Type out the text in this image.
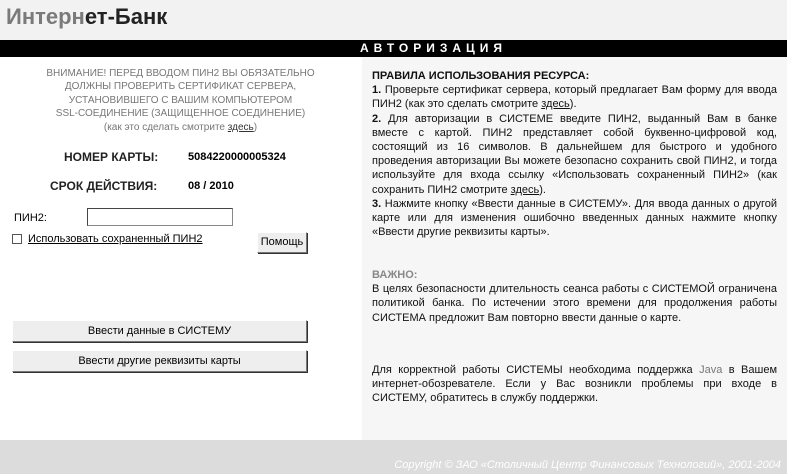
Интернет-Банк
АВТОРИЗАЦИЯ
ВНИМАНИЕ! ПЕРЕД ВВОДОМ ПИН2 ВЫ ОБЯЗАТЕЛЬНО
ДОЛЖНЫ ПРОВЕРИТЬ СЕРТИФИКАТ СЕРВЕРА,
УСТАНОВИВШЕГО С ВАШИМ КОМПЬЮТЕРОМ
SSL-СОЕДИНЕНИЕ (ЗАЩИЩЕННОЕ СОЕДИНЕНИЕ)
(как это сделать смотрите здесь)
НОМЕР КАРТЫ:	5084220000005324
СРОК ДЕЙСТВИЯ:	08 / 2010
ПИН2:
Использовать сохраненный ПИН2	Помощь
Ввести данные в СИСТЕМУ
Ввести другие реквизиты карты
ПРАВИЛА ИСПОЛЬЗОВАНИЯ РЕСУРСА:
1. Проверьте сертификат сервера, который предлагает Вам форму для ввода ПИН2 (как это сделать смотрите здесь).
2. Для авторизации в СИСТЕМЕ введите ПИН2, выданный Вам в банке вместе с картой. ПИН2 представляет собой буквенно-цифровой код, состоящий из 16 символов. В дальнейшем для быстрого и удобного проведения авторизации Вы можете безопасно сохранить свой ПИН2, и тогда используйте для входа ссылку «Использовать сохраненный ПИН2» (как сохранить ПИН2 смотрите здесь).
3. Нажмите кнопку «Ввести данные в СИСТЕМУ». Для ввода данных о другой карте или для изменения ошибочно введенных данных нажмите кнопку «Ввести другие реквизиты карты».
ВАЖНО:
В целях безопасности длительность сеанса работы с СИСТЕМОЙ ограничена политикой банка. По истечении этого времени для продолжения работы СИСТЕМА предложит Вам повторно ввести данные о карте.
Для корректной работы СИСТЕМЫ необходима поддержка Java в Вашем интернет-обозревателе. Если у Вас возникли проблемы при входе в СИСТЕМУ, обратитесь в службу поддержки.
Copyright © ЗАО «Столичный Центр Финансовых Технологий», 2001-2004
